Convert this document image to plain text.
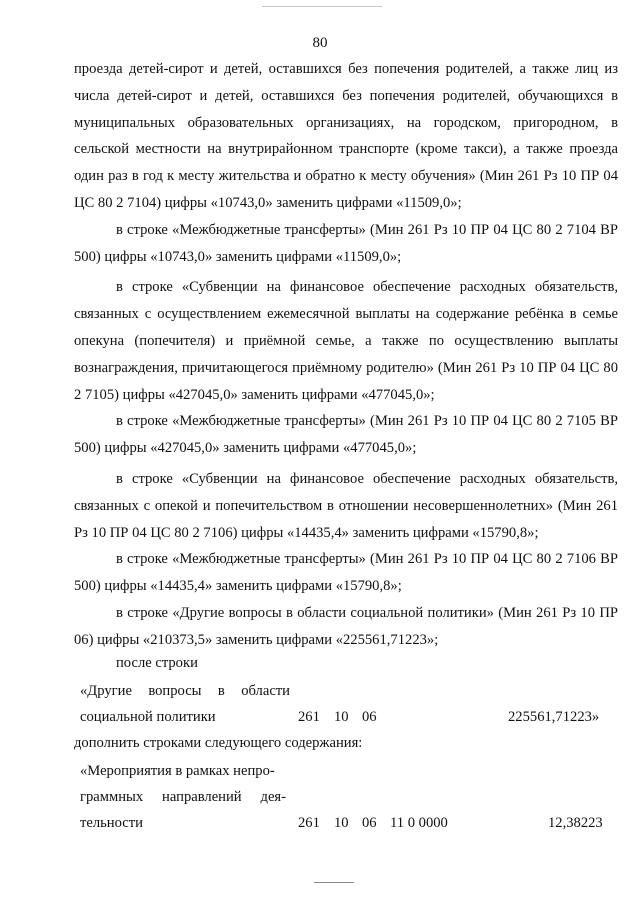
80

проезда детей-сирот и детей, оставшихся без попечения родителей, а также лиц из числа детей-сирот и детей, оставшихся без попечения родителей, обучающихся в муниципальных образовательных организациях, на городском, пригородном, в сельской местности на внутрирайонном транспорте (кроме такси), а также проезда один раз в год к месту жительства и обратно к месту обучения» (Мин 261 Рз 10 ПР 04 ЦС 80 2 7104) цифры «10743,0» заменить цифрами «11509,0»;

в строке «Межбюджетные трансферты» (Мин 261 Рз 10 ПР 04 ЦС 80 2 7104 ВР 500) цифры «10743,0» заменить цифрами «11509,0»;

в строке «Субвенции на финансовое обеспечение расходных обязательств, связанных с осуществлением ежемесячной выплаты на содержание ребёнка в семье опекуна (попечителя) и приёмной семье, а также по осуществлению выплаты вознаграждения, причитающегося приёмному родителю» (Мин 261 Рз 10 ПР 04 ЦС 80 2 7105) цифры «427045,0» заменить цифрами «477045,0»;

в строке «Межбюджетные трансферты» (Мин 261 Рз 10 ПР 04 ЦС 80 2 7105 ВР 500) цифры «427045,0» заменить цифрами «477045,0»;

в строке «Субвенции на финансовое обеспечение расходных обязательств, связанных с опекой и попечительством в отношении несовершеннолетних» (Мин 261 Рз 10 ПР 04 ЦС 80 2 7106) цифры «14435,4» заменить цифрами «15790,8»;

в строке «Межбюджетные трансферты» (Мин 261 Рз 10 ПР 04 ЦС 80 2 7106 ВР 500) цифры «14435,4» заменить цифрами «15790,8»;

в строке «Другие вопросы в области социальной политики» (Мин 261 Рз 10 ПР 06) цифры «210373,5» заменить цифрами «225561,71223»;

после строки
«Другие вопросы в области
социальной политики	261 10 06	225561,71223»
дополнить строками следующего содержания:
«Мероприятия в рамках непро-
граммных направлений дея-
тельности	261 10 06 11 0 0000	12,38223
